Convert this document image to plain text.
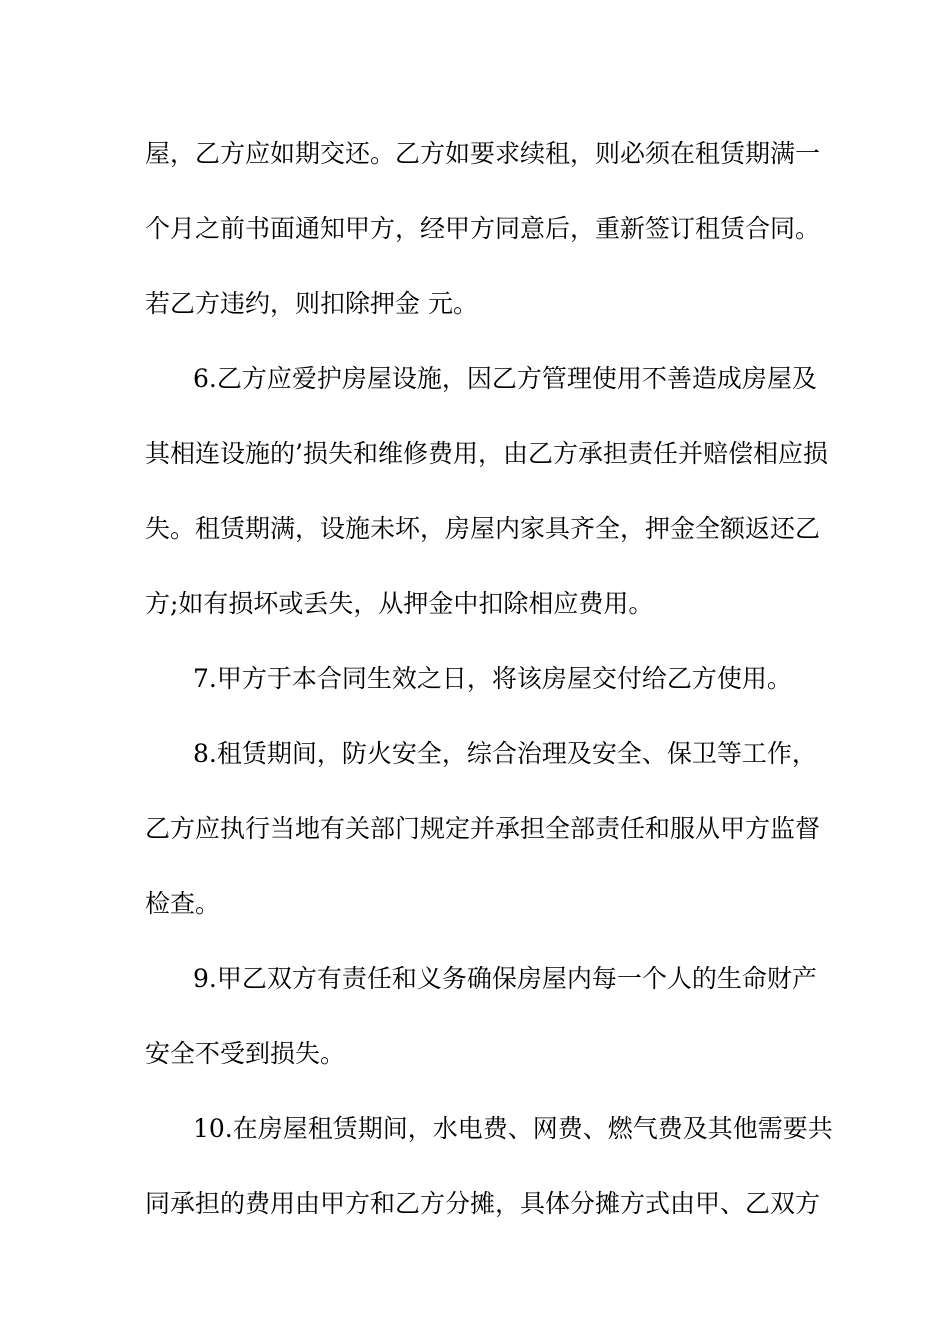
屋，乙方应如期交还。乙方如要求续租，则必须在租赁期满一

个月之前书面通知甲方，经甲方同意后，重新签订租赁合同。

若乙方违约，则扣除押金 元。

6.乙方应爱护房屋设施，因乙方管理使用不善造成房屋及

其相连设施的’损失和维修费用，由乙方承担责任并赔偿相应损

失。租赁期满，设施未坏，房屋内家具齐全，押金全额返还乙

方;如有损坏或丢失，从押金中扣除相应费用。

7.甲方于本合同生效之日，将该房屋交付给乙方使用。

8.租赁期间，防火安全，综合治理及安全、保卫等工作，

乙方应执行当地有关部门规定并承担全部责任和服从甲方监督

检查。

9.甲乙双方有责任和义务确保房屋内每一个人的生命财产

安全不受到损失。

10.在房屋租赁期间，水电费、网费、燃气费及其他需要共

同承担的费用由甲方和乙方分摊，具体分摊方式由甲、乙双方
